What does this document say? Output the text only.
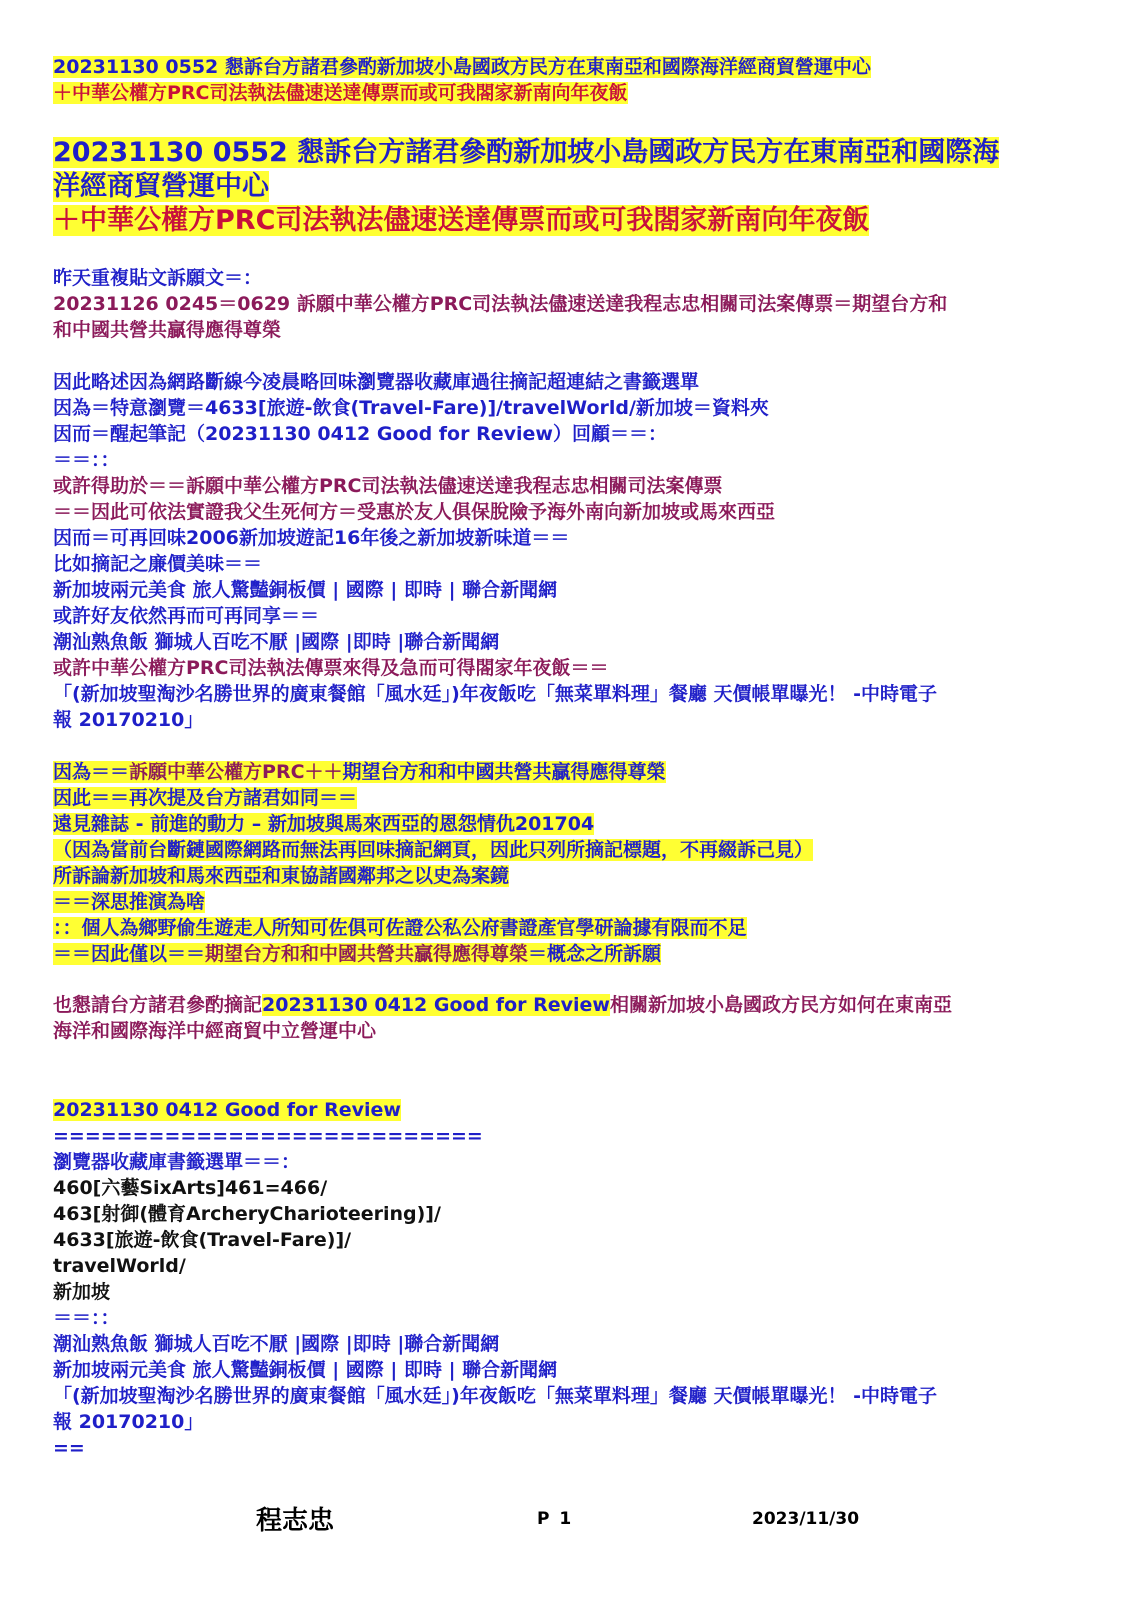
20231130 0552 懇訴台方諸君參酌新加坡小島國政方民方在東南亞和國際海洋經商貿營運中心
＋中華公權方PRC司法執法儘速送達傳票而或可我閤家新南向年夜飯
20231130 0552 懇訴台方諸君參酌新加坡小島國政方民方在東南亞和國際海
洋經商貿營運中心
＋中華公權方PRC司法執法儘速送達傳票而或可我閤家新南向年夜飯
昨天重複貼文訴願文＝：
20231126 0245＝0629 訴願中華公權方PRC司法執法儘速送達我程志忠相關司法案傳票＝期望台方和
和中國共營共贏得應得尊榮
因此略述因為網路斷線今凌晨略回味瀏覽器收藏庫過往摘記超連結之書籤選單
因為＝特意瀏覽＝4633[旅遊-飲食(Travel-Fare)]/travelWorld/新加坡＝資料夾
因而＝醒起筆記（20231130 0412 Good for Review）回顧＝＝：
＝＝：：
或許得助於＝＝訴願中華公權方PRC司法執法儘速送達我程志忠相關司法案傳票
＝＝因此可依法實證我父生死何方＝受惠於友人俱保脫險予海外南向新加坡或馬來西亞
因而＝可再回味2006新加坡遊記16年後之新加坡新味道＝＝
比如摘記之廉價美味＝＝
新加坡兩元美食 旅人驚豔銅板價 | 國際 | 即時 | 聯合新聞網
或許好友依然再而可再同享＝＝
潮汕熟魚飯 獅城人百吃不厭 |國際 |即時 |聯合新聞網
或許中華公權方PRC司法執法傳票來得及急而可得閤家年夜飯＝＝
「(新加坡聖淘沙名勝世界的廣東餐館「風水廷」)年夜飯吃「無菜單料理」餐廳 天價帳單曝光！ -中時電子
報 20170210」
因為＝＝訴願中華公權方PRC＋＋期望台方和和中國共營共贏得應得尊榮
因此＝＝再次提及台方諸君如同＝＝
遠見雜誌 - 前進的動力 – 新加坡與馬來西亞的恩怨情仇201704
（因為當前台斷鏈國際網路而無法再回味摘記網頁，因此只列所摘記標題，不再綴訴己見）
所訴論新加坡和馬來西亞和東協諸國鄰邦之以史為案鏡
＝＝深思推演為啥
：：個人為鄉野偷生遊走人所知可佐俱可佐證公私公府書證產官學研論據有限而不足
＝＝因此僅以＝＝期望台方和和中國共營共贏得應得尊榮＝概念之所訴願
也懇請台方諸君參酌摘記20231130 0412 Good for Review相關新加坡小島國政方民方如何在東南亞
海洋和國際海洋中經商貿中立營運中心
20231130 0412 Good for Review
===========================
瀏覽器收藏庫書籤選單＝＝：
460[六藝SixArts]461=466/
463[射御(體育ArcheryCharioteering)]/
4633[旅遊-飲食(Travel-Fare)]/
travelWorld/
新加坡
＝＝：：
潮汕熟魚飯 獅城人百吃不厭 |國際 |即時 |聯合新聞網
新加坡兩元美食 旅人驚豔銅板價 | 國際 | 即時 | 聯合新聞網
「(新加坡聖淘沙名勝世界的廣東餐館「風水廷」)年夜飯吃「無菜單料理」餐廳 天價帳單曝光！ -中時電子
報 20170210」
==
程志忠	P 1	2023/11/30
